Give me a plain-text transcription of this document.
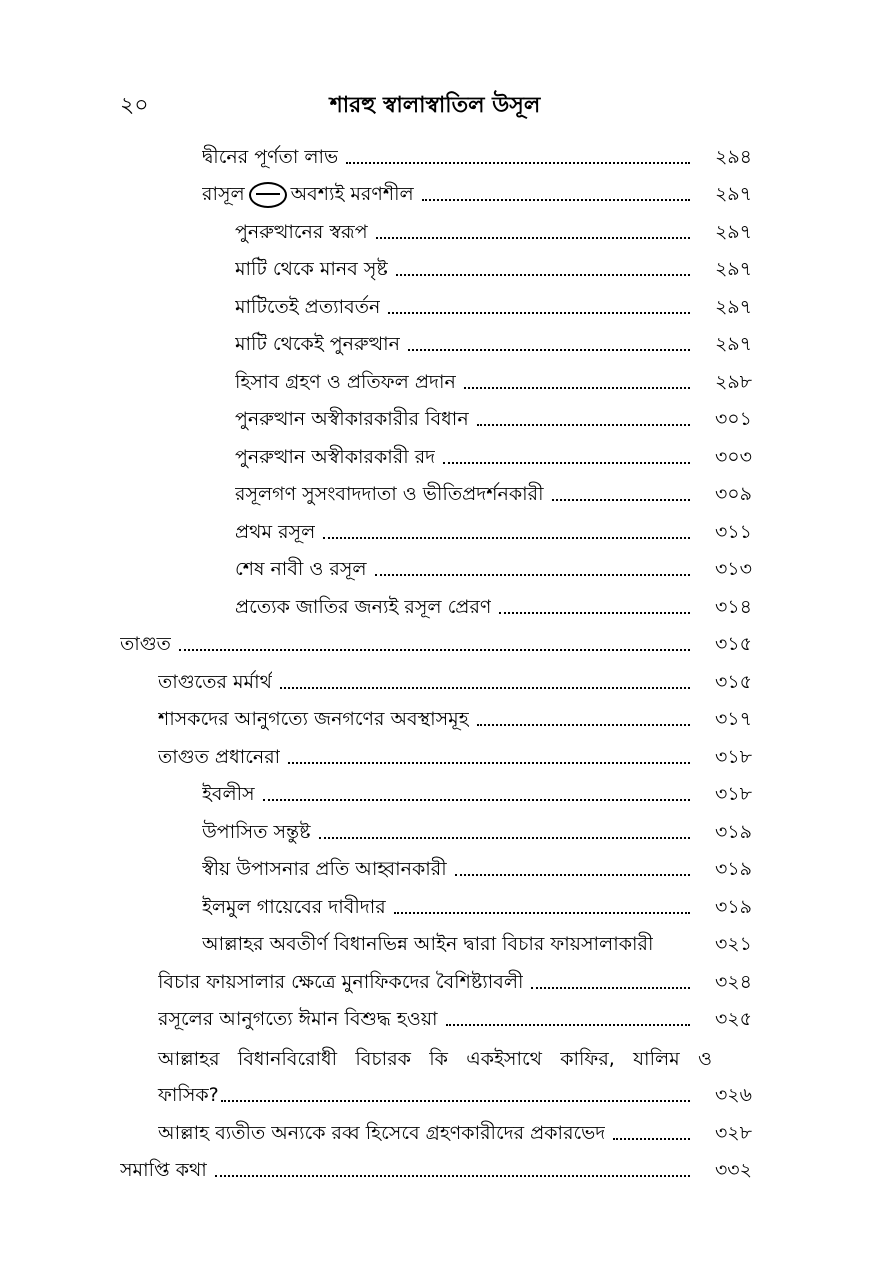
২০	শারহু স্বালাস্বাতিল উসূল
দ্বীনের পূর্ণতা লাভ	২৯৪
রাসূল অবশ্যই মরণশীল	২৯৭
পুনরুত্থানের স্বরূপ	২৯৭
মাটি থেকে মানব সৃষ্ট	২৯৭
মাটিতেই প্রত্যাবর্তন	২৯৭
মাটি থেকেই পুনরুত্থান	২৯৭
হিসাব গ্রহণ ও প্রতিফল প্রদান	২৯৮
পুনরুত্থান অস্বীকারকারীর বিধান	৩০১
পুনরুত্থান অস্বীকারকারী রদ	৩০৩
রসূলগণ সুসংবাদদাতা ও ভীতিপ্রদর্শনকারী	৩০৯
প্রথম রসূল	৩১১
শেষ নাবী ও রসূল	৩১৩
প্রত্যেক জাতির জন্যই রসূল প্রেরণ	৩১৪
তাগুত	৩১৫
তাগুতের মর্মার্থ	৩১৫
শাসকদের আনুগত্যে জনগণের অবস্থাসমূহ	৩১৭
তাগুত প্রধানেরা	৩১৮
ইবলীস	৩১৮
উপাসিত সন্তুষ্ট	৩১৯
স্বীয় উপাসনার প্রতি আহ্বানকারী	৩১৯
ইলমুল গায়েবের দাবীদার	৩১৯
আল্লাহর অবতীর্ণ বিধানভিন্ন আইন দ্বারা বিচার ফায়সালাকারী	৩২১
বিচার ফায়সালার ক্ষেত্রে মুনাফিকদের বৈশিষ্ট্যাবলী	৩২৪
রসূলের আনুগত্যে ঈমান বিশুদ্ধ হওয়া	৩২৫
আল্লাহর বিধানবিরোধী বিচারক কি একইসাথে কাফির, যালিম ও
ফাসিক?	৩২৬
আল্লাহ ব্যতীত অন্যকে রব্ব হিসেবে গ্রহণকারীদের প্রকারভেদ	৩২৮
সমাপ্তি কথা	৩৩২
